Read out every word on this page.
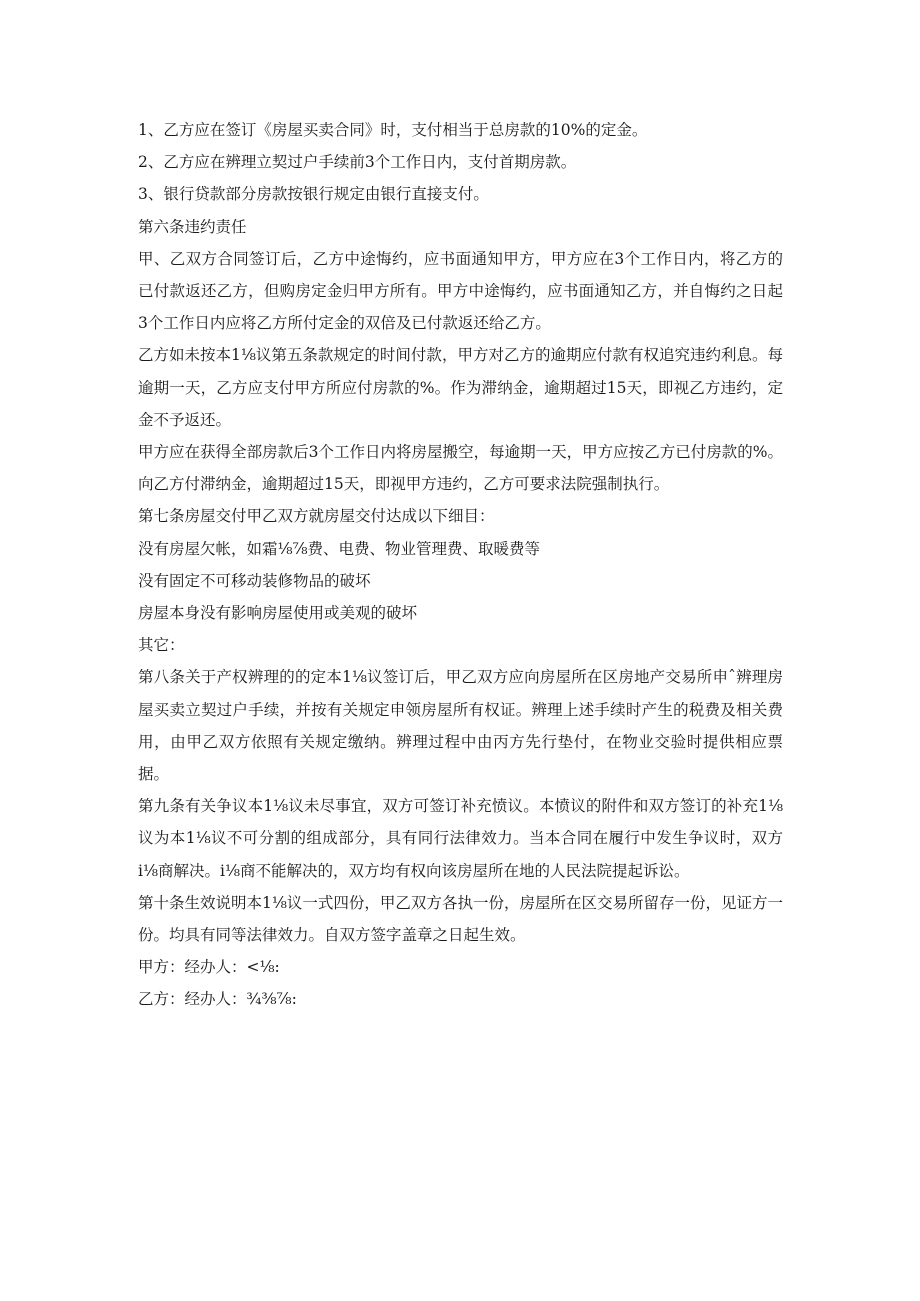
1、乙方应在签订《房屋买卖合同》时，支付相当于总房款的10%的定金。

2、乙方应在辨理立契过户手续前3个工作日内，支付首期房款。

3、银行贷款部分房款按银行规定由银行直接支付。

第六条违约责任

甲、乙双方合同签订后，乙方中途悔约，应书面通知甲方，甲方应在3个工作日内，将乙方的已付款返还乙方，但购房定金归甲方所有。甲方中途悔约，应书面通知乙方，并自悔约之日起3个工作日内应将乙方所付定金的双倍及已付款返还给乙方。

乙方如未按本1⅛议第五条款规定的时间付款，甲方对乙方的逾期应付款有权追究违约利息。每逾期一天，乙方应支付甲方所应付房款的%。作为滞纳金，逾期超过15天，即视乙方违约，定金不予返还。

甲方应在获得全部房款后3个工作日内将房屋搬空，每逾期一天，甲方应按乙方已付房款的%。向乙方付滞纳金，逾期超过15天，即视甲方违约，乙方可要求法院强制执行。

第七条房屋交付甲乙双方就房屋交付达成以下细目：

没有房屋欠帐，如霜⅛⅞费、电费、物业管理费、取暖费等

没有固定不可移动装修物品的破坏

房屋本身没有影响房屋使用或美观的破坏

其它：

第八条关于产权辨理的的定本1⅛议签订后，甲乙双方应向房屋所在区房地产交易所申ˆ辨理房屋买卖立契过户手续，并按有关规定申领房屋所有权证。辨理上述手续时产生的税费及相关费用，由甲乙双方依照有关规定缴纳。辨理过程中由丙方先行垫付，在物业交验时提供相应票据。

第九条有关争议本1⅛议未尽事宜，双方可签订补充愤议。本愤议的附件和双方签订的补充1⅛议为本1⅛议不可分割的组成部分，具有同行法律效力。当本合同在履行中发生争议时，双方i⅛商解决。i⅛商不能解决的，双方均有权向该房屋所在地的人民法院提起诉讼。

第十条生效说明本1⅛议一式四份，甲乙双方各执一份，房屋所在区交易所留存一份，见证方一份。均具有同等法律效力。自双方签字盖章之日起生效。

甲方：经办人：<⅛:

乙方：经办人：¾⅜⅞:
